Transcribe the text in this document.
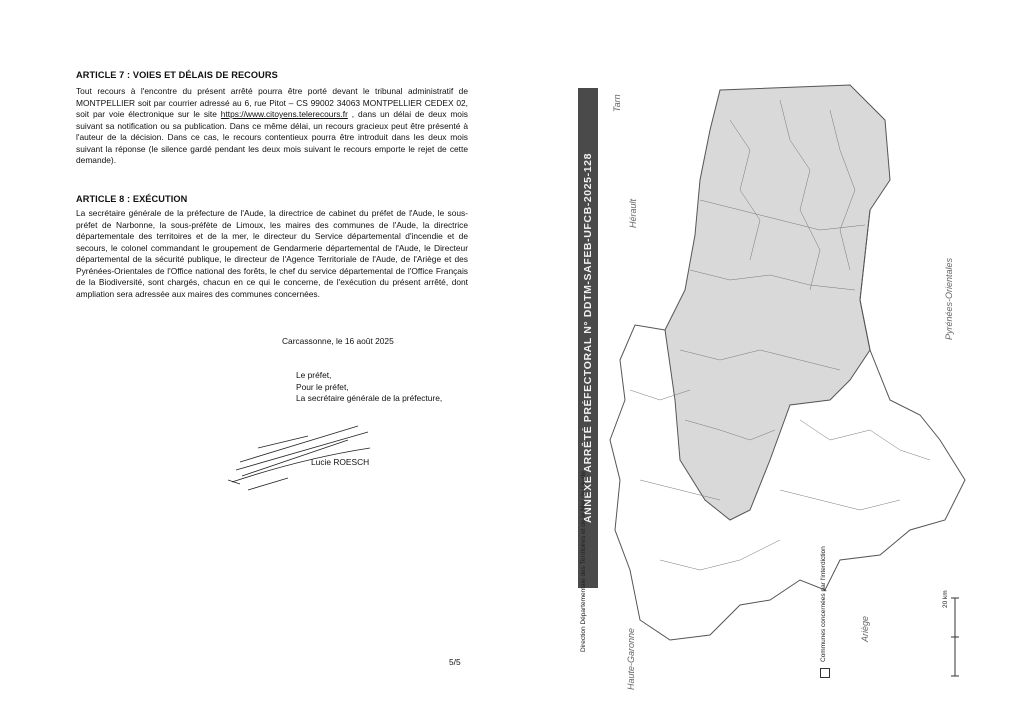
ARTICLE 7 : VOIES ET DÉLAIS DE RECOURS

Tout recours à l'encontre du présent arrêté pourra être porté devant le tribunal administratif de MONTPELLIER soit par courrier adressé au 6, rue Pitot – CS 99002 34063 MONTPELLIER CEDEX 02, soit par voie électronique sur le site https://www.citoyens.telerecours.fr , dans un délai de deux mois suivant sa notification ou sa publication. Dans ce même délai, un recours gracieux peut être présenté à l'auteur de la décision. Dans ce cas, le recours contentieux pourra être introduit dans les deux mois suivant la réponse (le silence gardé pendant les deux mois suivant le recours emporte le rejet de cette demande).

ARTICLE 8 : EXÉCUTION

La secrétaire générale de la préfecture de l'Aude, la directrice de cabinet du préfet de l'Aude, le sous-préfet de Narbonne, la sous-préfète de Limoux, les maires des communes de l'Aude, la directrice départementale des territoires et de la mer, le directeur du Service départemental d'incendie et de secours, le colonel commandant le groupement de Gendarmerie départemental de l'Aude, le Directeur départemental de la sécurité publique, le directeur de l'Agence Territoriale de l'Aude, de l'Ariège et des Pyrénées-Orientales de l'Office national des forêts, le chef du service départemental de l'Office Français de la Biodiversité, sont chargés, chacun en ce qui le concerne, de l'exécution du présent arrêté, dont ampliation sera adressée aux maires des communes concernées.

Carcassonne, le 16 août 2025
Le préfet,
Pour le préfet,
La secrétaire générale de la préfecture,
Lucie ROESCH
5/5
ANNEXE ARRÊTÉ PRÉFECTORAL N° DDTM-SAFEB-UFCB-2025-128
Tarn
Hérault
Pyrénées-Orientales
Ariège
Haute-Garonne	Communes concernées par l'interdiction
Direction Départementale des Territoires et de la Mer de l'Aude	20 km
